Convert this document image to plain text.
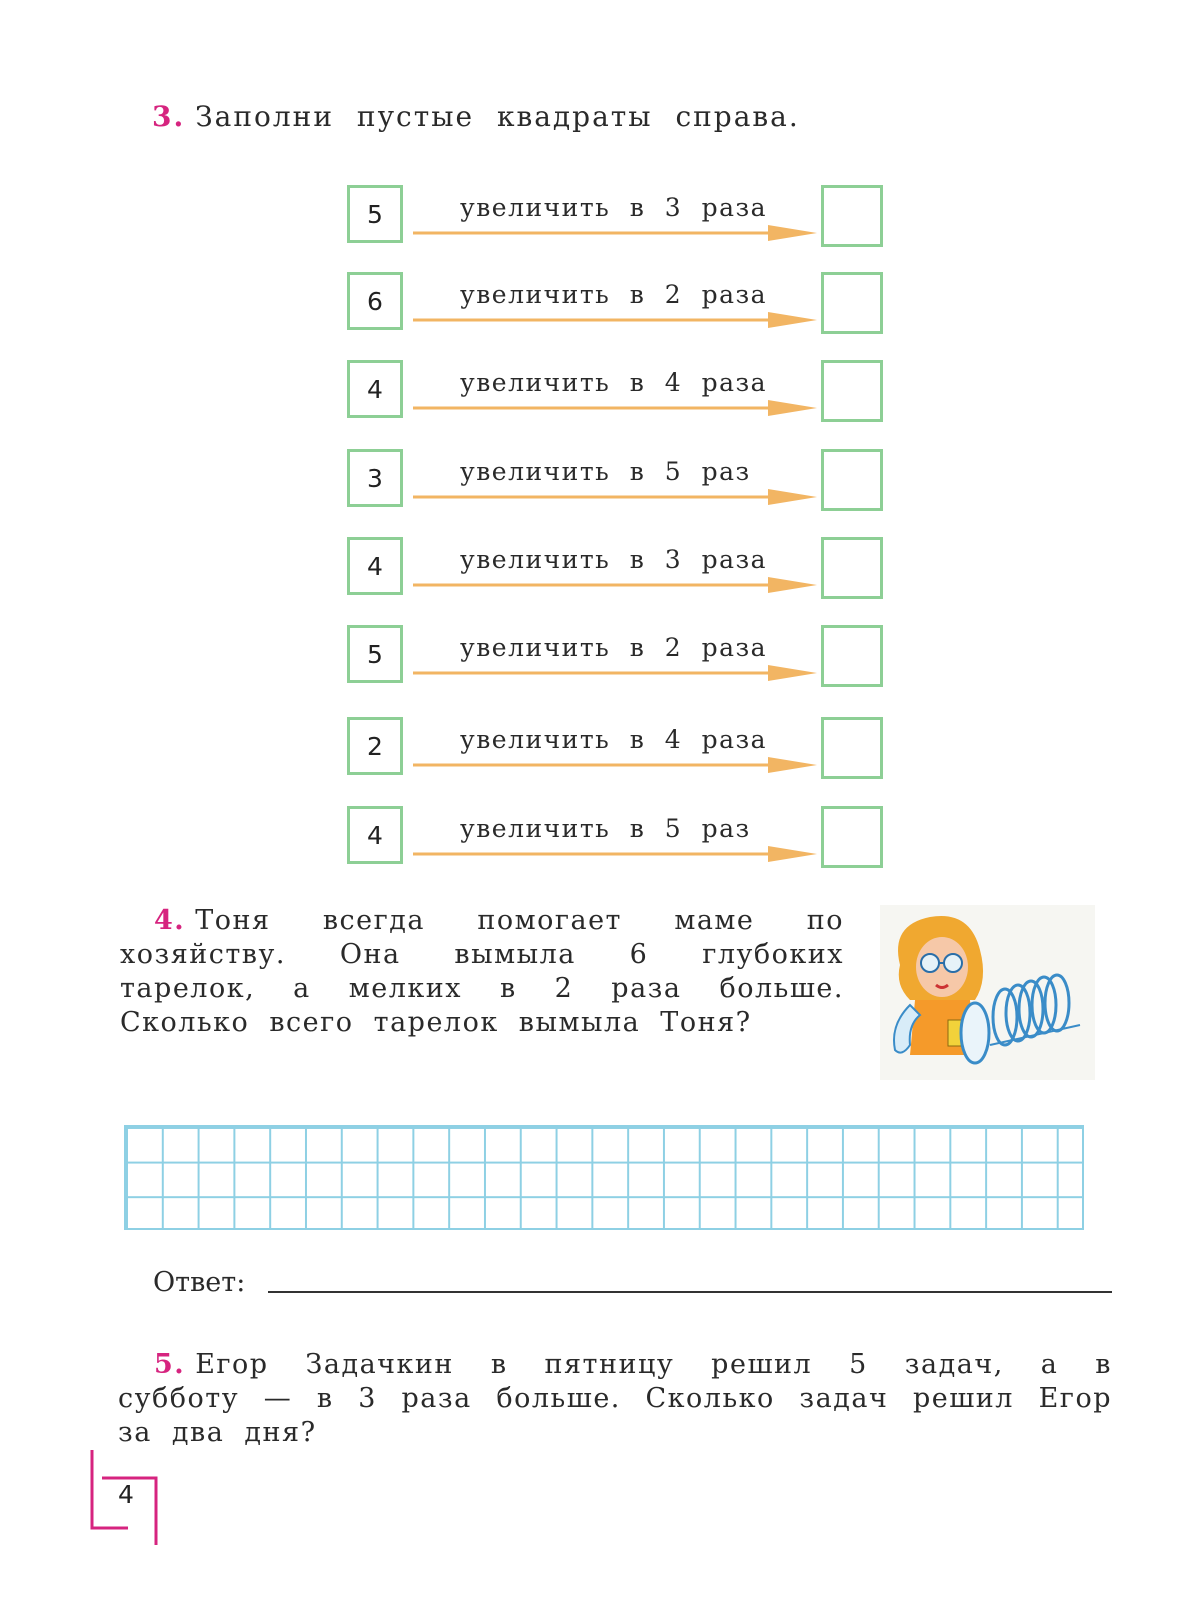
3. Заполни пустые квадраты справа.
5	увеличить в 3 раза
6	увеличить в 2 раза
4	увеличить в 4 раза
3	увеличить в 5 раз
4	увеличить в 3 раза
5	увеличить в 2 раза
2	увеличить в 4 раза
4	увеличить в 5 раз
4. Тоня всегда помогает маме по хозяйству. Она вымыла 6 глубоких тарелок, а мелких в 2 раза больше. Сколько всего тарелок вымыла Тоня?
Ответ:
5. Егор Задачкин в пятницу решил 5 задач, а в субботу — в 3 раза больше. Сколько задач решил Егор за два дня?
4
